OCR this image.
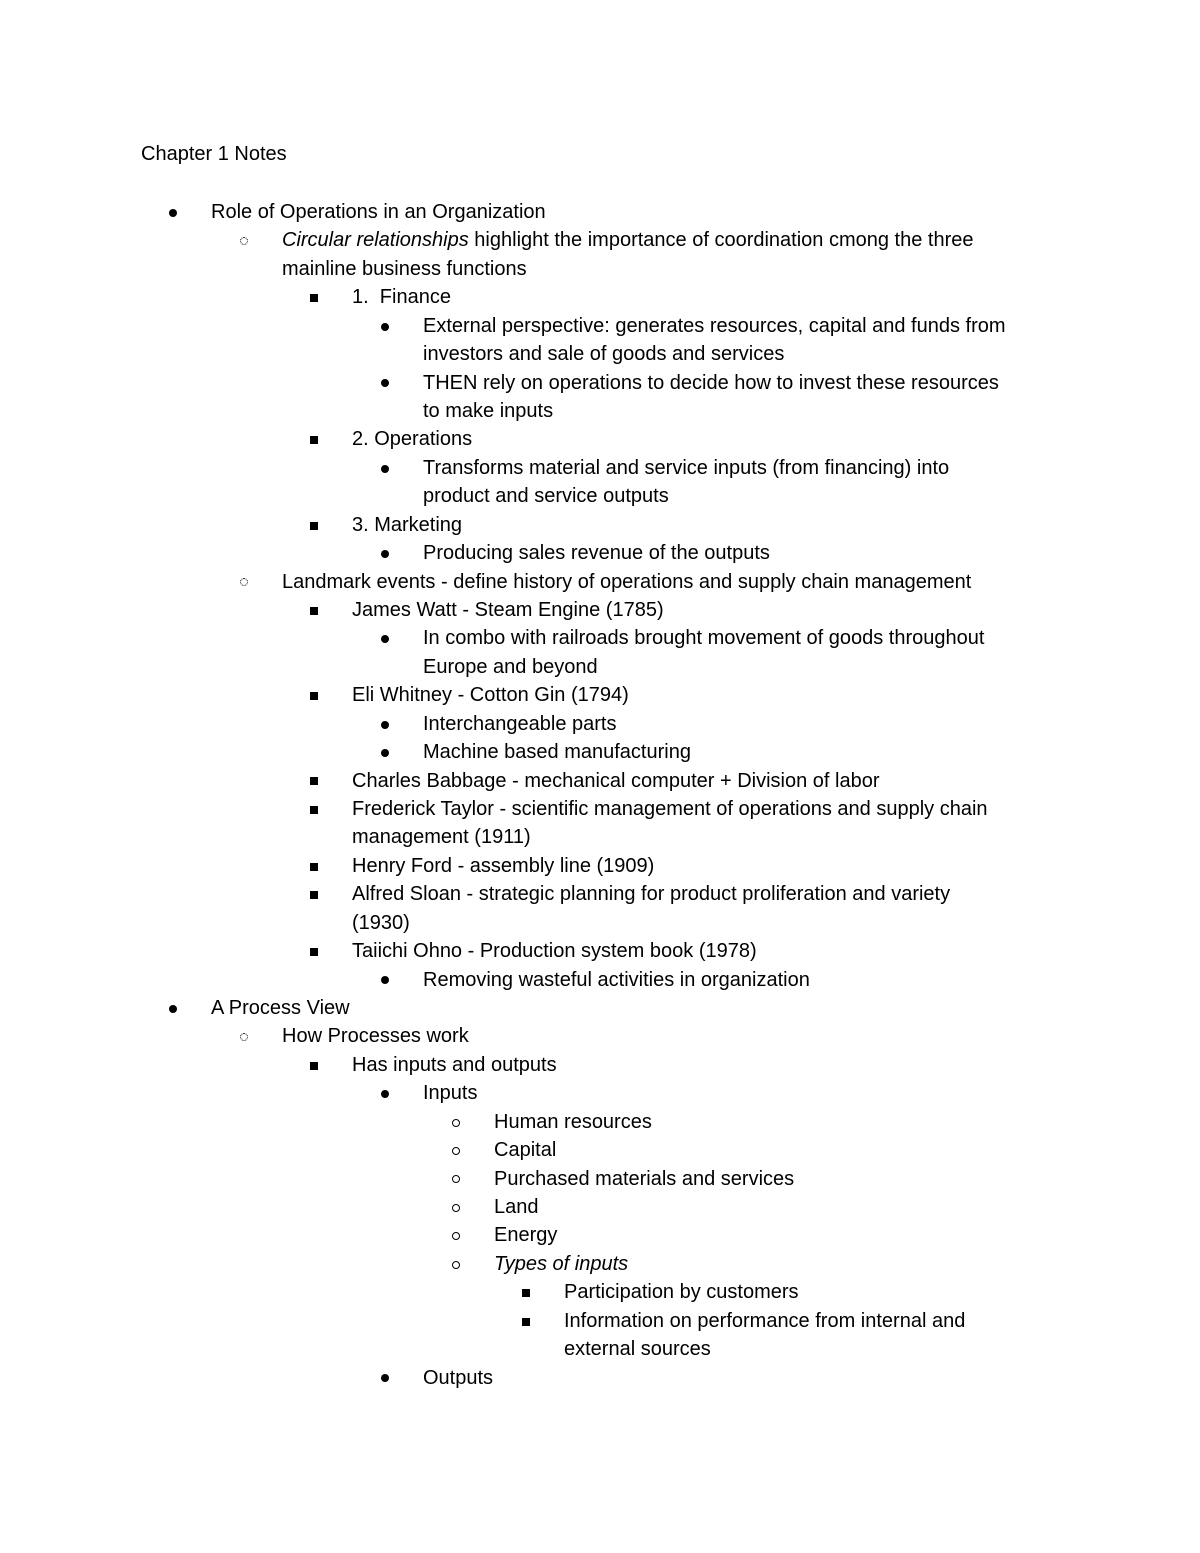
Chapter 1 Notes
Role of Operations in an Organization
Circular relationships highlight the importance of coordination cmong the three
mainline business functions
1.  Finance
External perspective: generates resources, capital and funds from
investors and sale of goods and services
THEN rely on operations to decide how to invest these resources
to make inputs
2. Operations
Transforms material and service inputs (from financing) into
product and service outputs
3. Marketing
Producing sales revenue of the outputs
Landmark events - define history of operations and supply chain management
James Watt - Steam Engine (1785)
In combo with railroads brought movement of goods throughout
Europe and beyond
Eli Whitney - Cotton Gin (1794)
Interchangeable parts
Machine based manufacturing
Charles Babbage - mechanical computer + Division of labor
Frederick Taylor - scientific management of operations and supply chain
management (1911)
Henry Ford - assembly line (1909)
Alfred Sloan - strategic planning for product proliferation and variety
(1930)
Taiichi Ohno - Production system book (1978)
Removing wasteful activities in organization
A Process View
How Processes work
Has inputs and outputs
Inputs
Human resources
Capital
Purchased materials and services
Land
Energy
Types of inputs
Participation by customers
Information on performance from internal and
external sources
Outputs
